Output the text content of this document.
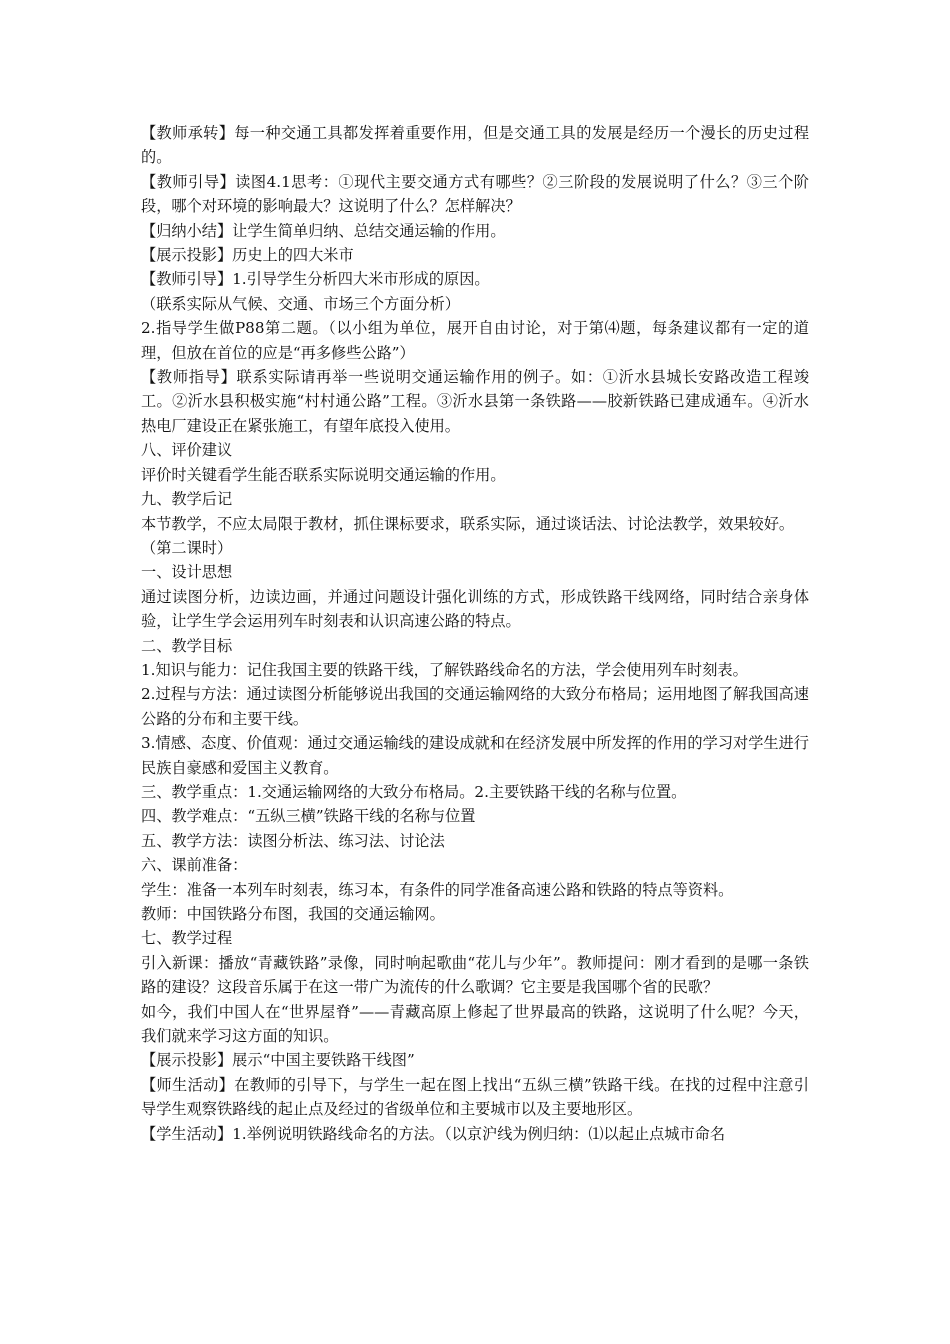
【教师承转】每一种交通工具都发挥着重要作用，但是交通工具的发展是经历一个漫长的历史过程的。

【教师引导】读图4.1思考：①现代主要交通方式有哪些？②三阶段的发展说明了什么？③三个阶段，哪个对环境的影响最大？这说明了什么？怎样解决？

【归纳小结】让学生简单归纳、总结交通运输的作用。

【展示投影】历史上的四大米市

【教师引导】1.引导学生分析四大米市形成的原因。

（联系实际从气候、交通、市场三个方面分析）

2.指导学生做P88第二题。（以小组为单位，展开自由讨论，对于第⑷题，每条建议都有一定的道理，但放在首位的应是“再多修些公路”）

【教师指导】联系实际请再举一些说明交通运输作用的例子。如：①沂水县城长安路改造工程竣工。②沂水县积极实施“村村通公路”工程。③沂水县第一条铁路——胶新铁路已建成通车。④沂水热电厂建设正在紧张施工，有望年底投入使用。

八、评价建议

评价时关键看学生能否联系实际说明交通运输的作用。

九、教学后记

本节教学，不应太局限于教材，抓住课标要求，联系实际，通过谈话法、讨论法教学，效果较好。

（第二课时）

一、设计思想

通过读图分析，边读边画，并通过问题设计强化训练的方式，形成铁路干线网络，同时结合亲身体验，让学生学会运用列车时刻表和认识高速公路的特点。

二、教学目标

1.知识与能力：记住我国主要的铁路干线，了解铁路线命名的方法，学会使用列车时刻表。

2.过程与方法：通过读图分析能够说出我国的交通运输网络的大致分布格局；运用地图了解我国高速公路的分布和主要干线。

3.情感、态度、价值观：通过交通运输线的建设成就和在经济发展中所发挥的作用的学习对学生进行民族自豪感和爱国主义教育。

三、教学重点：1.交通运输网络的大致分布格局。2.主要铁路干线的名称与位置。

四、教学难点：“五纵三横”铁路干线的名称与位置

五、教学方法：读图分析法、练习法、讨论法

六、课前准备：

学生：准备一本列车时刻表，练习本，有条件的同学准备高速公路和铁路的特点等资料。

教师：中国铁路分布图，我国的交通运输网。

七、教学过程

引入新课：播放“青藏铁路”录像，同时响起歌曲“花儿与少年”。教师提问：刚才看到的是哪一条铁路的建设？这段音乐属于在这一带广为流传的什么歌调？它主要是我国哪个省的民歌？

如今，我们中国人在“世界屋脊”——青藏高原上修起了世界最高的铁路，这说明了什么呢？今天，我们就来学习这方面的知识。

【展示投影】展示“中国主要铁路干线图”

【师生活动】在教师的引导下，与学生一起在图上找出“五纵三横”铁路干线。在找的过程中注意引导学生观察铁路线的起止点及经过的省级单位和主要城市以及主要地形区。

【学生活动】1.举例说明铁路线命名的方法。（以京沪线为例归纳：⑴以起止点城市命名
